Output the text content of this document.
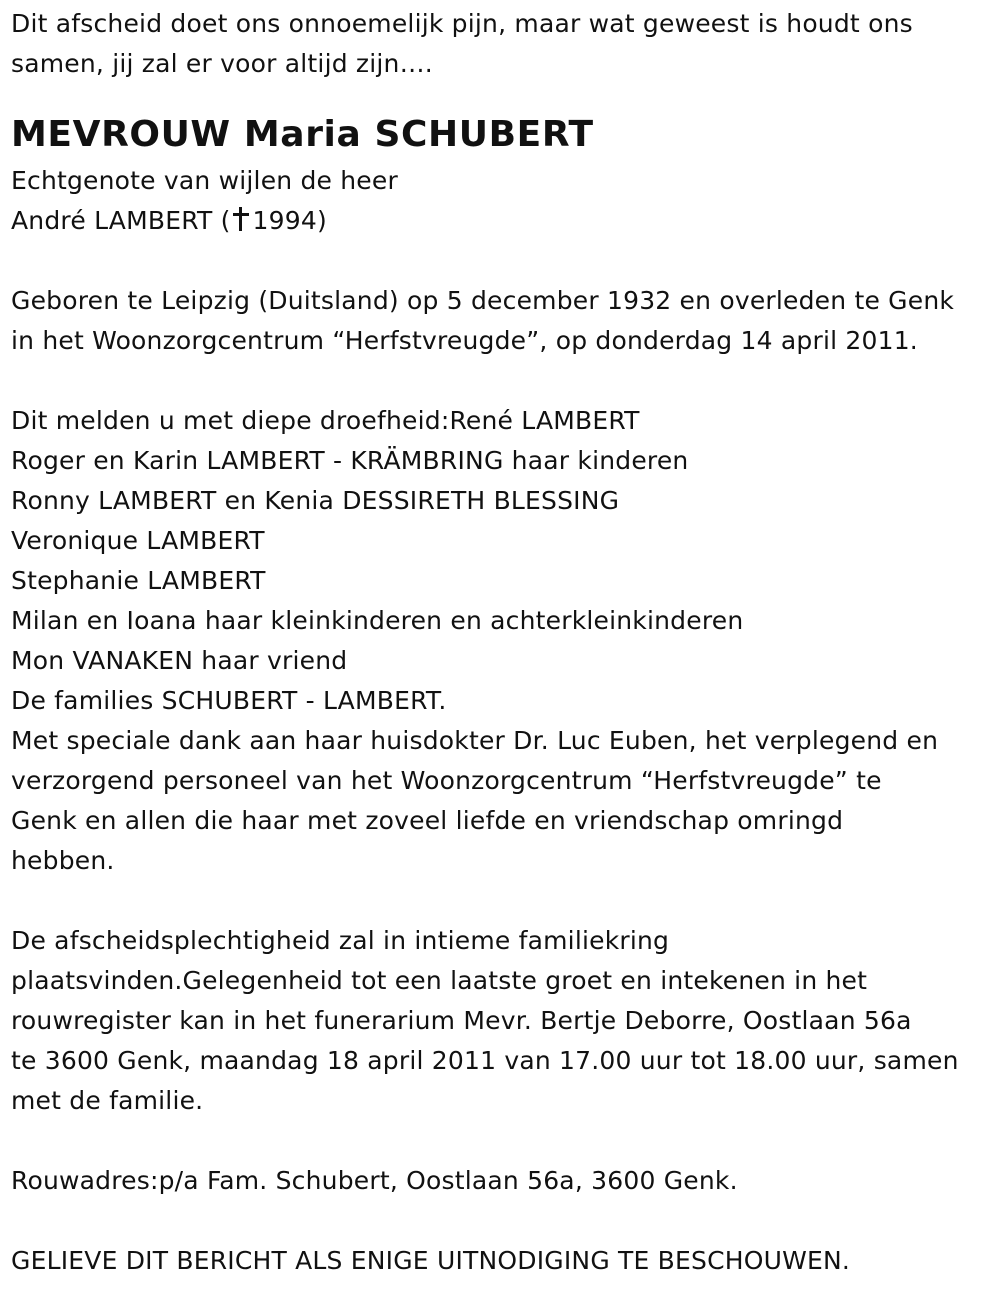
Dit afscheid doet ons onnoemelijk pijn, maar wat geweest is houdt ons
samen, jij zal er voor altijd zijn….
MEVROUW Maria SCHUBERT
Echtgenote van wijlen de heer
André LAMBERT ( 1994)
Geboren te Leipzig (Duitsland) op 5 december 1932 en overleden te Genk
in het Woonzorgcentrum “Herfstvreugde”, op donderdag 14 april 2011.
Dit melden u met diepe droefheid:René LAMBERT
Roger en Karin LAMBERT - KRÄMBRING haar kinderen
Ronny LAMBERT en Kenia DESSIRETH BLESSING
Veronique LAMBERT
Stephanie LAMBERT
Milan en Ioana haar kleinkinderen en achterkleinkinderen
Mon VANAKEN haar vriend
De families SCHUBERT - LAMBERT.
Met speciale dank aan haar huisdokter Dr. Luc Euben, het verplegend en
verzorgend personeel van het Woonzorgcentrum “Herfstvreugde” te
Genk en allen die haar met zoveel liefde en vriendschap omringd
hebben.
De afscheidsplechtigheid zal in intieme familiekring
plaatsvinden.Gelegenheid tot een laatste groet en intekenen in het
rouwregister kan in het funerarium Mevr. Bertje Deborre, Oostlaan 56a
te 3600 Genk, maandag 18 april 2011 van 17.00 uur tot 18.00 uur, samen
met de familie.
Rouwadres:p/a Fam. Schubert, Oostlaan 56a, 3600 Genk.
GELIEVE DIT BERICHT ALS ENIGE UITNODIGING TE BESCHOUWEN.
